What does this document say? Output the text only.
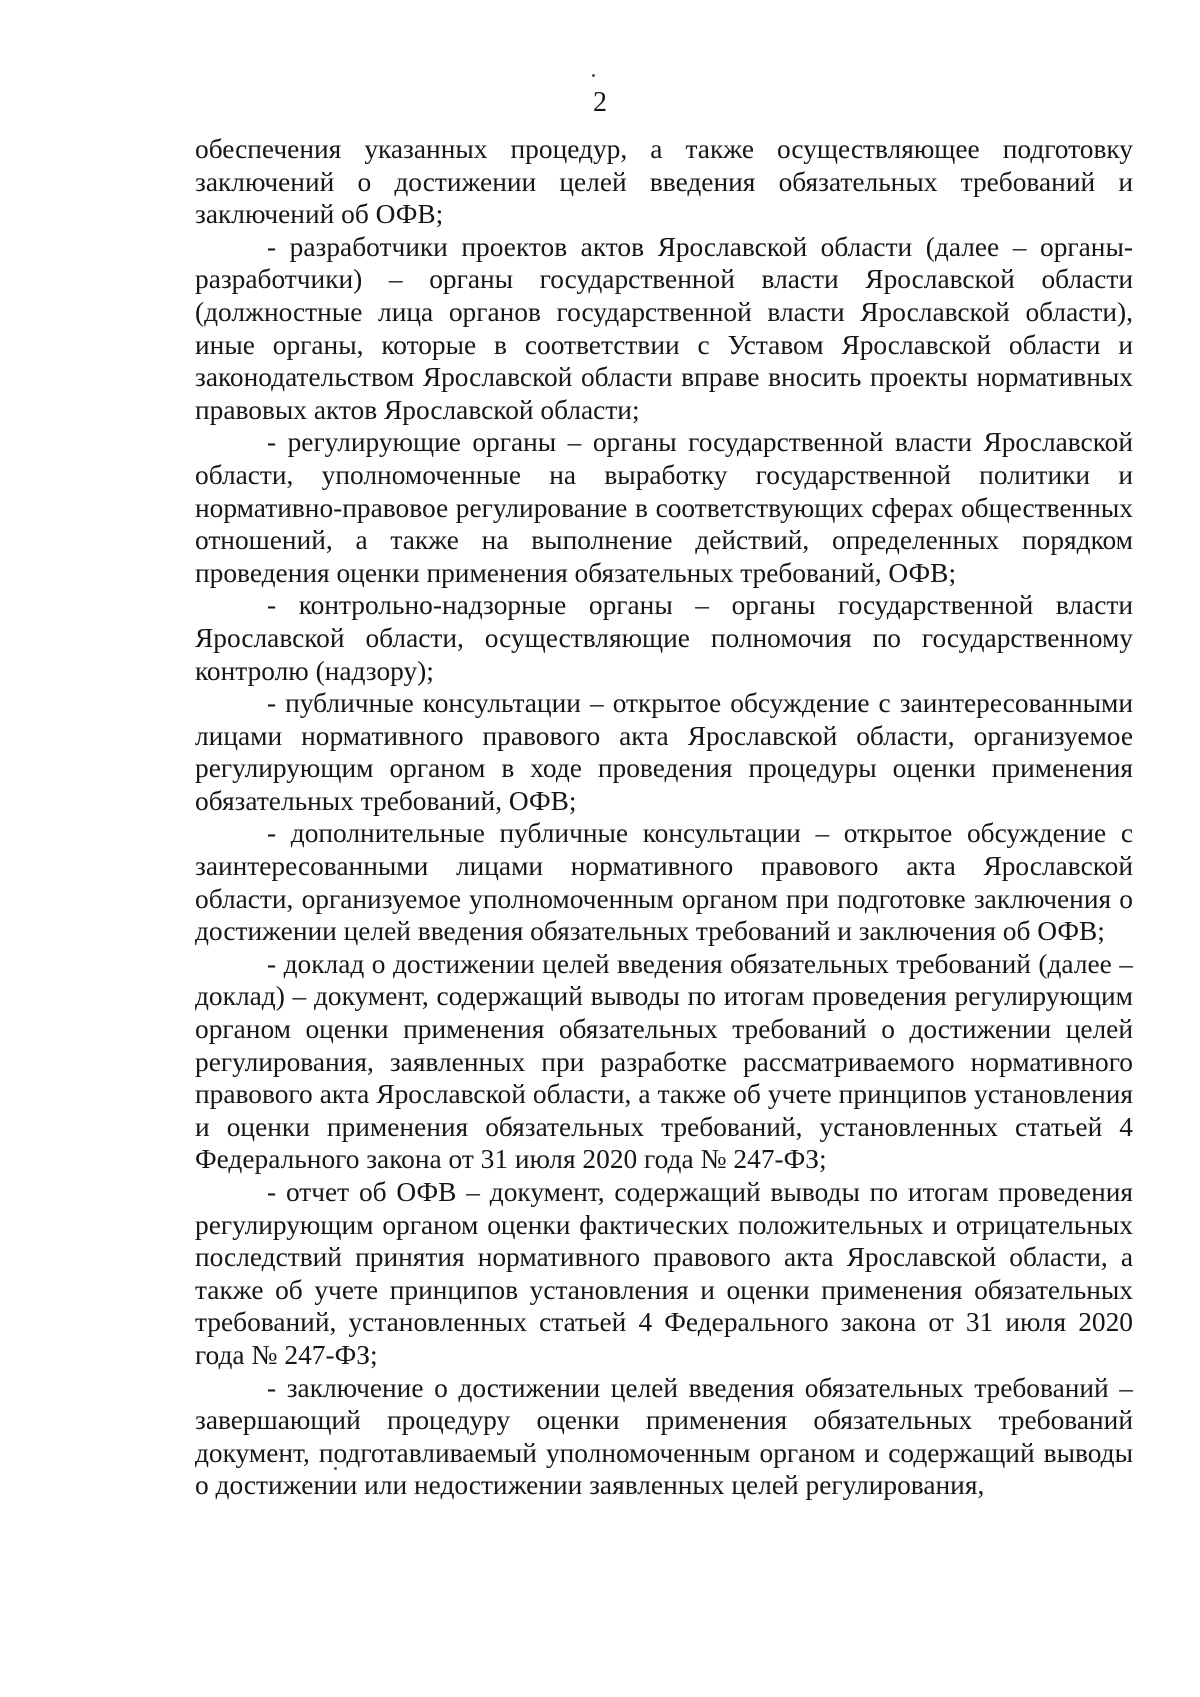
2

обеспечения указанных процедур, а также осуществляющее подготовку заключений о достижении целей введения обязательных требований и заключений об ОФВ;

- разработчики проектов актов Ярославской области (далее – органы-разработчики) – органы государственной власти Ярославской области (должностные лица органов государственной власти Ярославской области), иные органы, которые в соответствии с Уставом Ярославской области и законодательством Ярославской области вправе вносить проекты нормативных правовых актов Ярославской области;

- регулирующие органы – органы государственной власти Ярославской области, уполномоченные на выработку государственной политики и нормативно-правовое регулирование в соответствующих сферах общественных отношений, а также на выполнение действий, определенных порядком проведения оценки применения обязательных требований, ОФВ;

- контрольно-надзорные органы – органы государственной власти Ярославской области, осуществляющие полномочия по государственному контролю (надзору);

- публичные консультации – открытое обсуждение с заинтересованными лицами нормативного правового акта Ярославской области, организуемое регулирующим органом в ходе проведения процедуры оценки применения обязательных требований, ОФВ;

- дополнительные публичные консультации – открытое обсуждение с заинтересованными лицами нормативного правового акта Ярославской области, организуемое уполномоченным органом при подготовке заключения о достижении целей введения обязательных требований и заключения об ОФВ;

- доклад о достижении целей введения обязательных требований (далее – доклад) – документ, содержащий выводы по итогам проведения регулирующим органом оценки применения обязательных требований о достижении целей регулирования, заявленных при разработке рассматриваемого нормативного правового акта Ярославской области, а также об учете принципов установления и оценки применения обязательных требований, установленных статьей 4 Федерального закона от 31 июля 2020 года № 247-ФЗ;

- отчет об ОФВ – документ, содержащий выводы по итогам проведения регулирующим органом оценки фактических положительных и отрицательных последствий принятия нормативного правового акта Ярославской области, а также об учете принципов установления и оценки применения обязательных требований, установленных статьей 4 Федерального закона от 31 июля 2020 года № 247-ФЗ;

- заключение о достижении целей введения обязательных требований – завершающий процедуру оценки применения обязательных требований документ, подготавливаемый уполномоченным органом и содержащий выводы о достижении или недостижении заявленных целей регулирования,
